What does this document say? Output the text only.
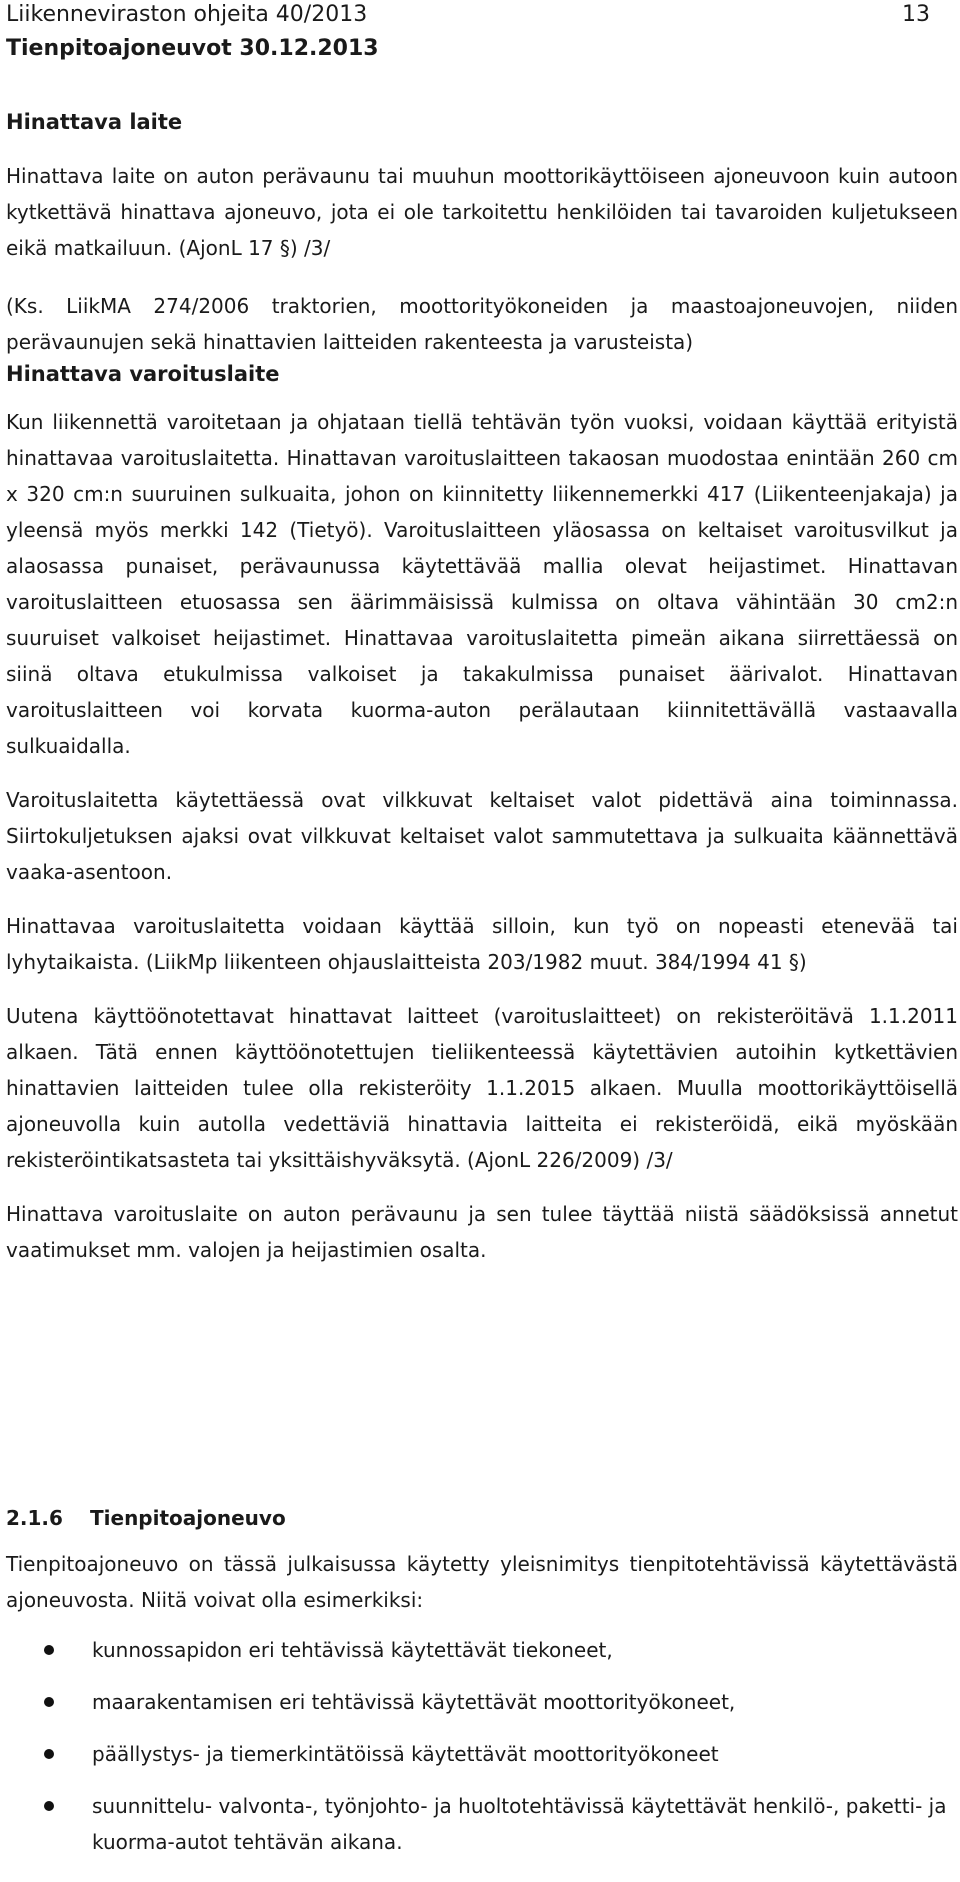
Liikenneviraston ohjeita 40/2013	13
Tienpitoajoneuvot 30.12.2013
Hinattava laite

Hinattava laite on auton perävaunu tai muuhun moottorikäyttöiseen ajoneuvoon kuin autoon kytkettävä hinattava ajoneuvo, jota ei ole tarkoitettu henkilöiden tai tavaroiden kuljetukseen eikä matkailuun. (AjonL 17 §) /3/

(Ks. LiikMA 274/2006 traktorien, moottorityökoneiden ja maastoajoneuvojen, niiden perävaunujen sekä hinattavien laitteiden rakenteesta ja varusteista)

Hinattava varoituslaite

Kun liikennettä varoitetaan ja ohjataan tiellä tehtävän työn vuoksi, voidaan käyttää erityistä hinattavaa varoituslaitetta. Hinattavan varoituslaitteen takaosan muodostaa enintään 260 cm x 320 cm:n suuruinen sulkuaita, johon on kiinnitetty liikennemerkki 417 (Liikenteenjakaja) ja yleensä myös merkki 142 (Tietyö). Varoituslaitteen yläosassa on keltaiset varoitusvilkut ja alaosassa punaiset, perävaunussa käytettävää mallia olevat heijastimet. Hinattavan varoituslaitteen etuosassa sen äärimmäisissä kulmissa on oltava vähintään 30 cm2:n suuruiset valkoiset heijastimet. Hinattavaa varoituslaitetta pimeän aikana siirrettäessä on siinä oltava etukulmissa valkoiset ja takakulmissa punaiset äärivalot. Hinattavan varoituslaitteen voi korvata kuorma-auton perälautaan kiinnitettävällä vastaavalla sulkuaidalla.

Varoituslaitetta käytettäessä ovat vilkkuvat keltaiset valot pidettävä aina toiminnassa. Siirtokuljetuksen ajaksi ovat vilkkuvat keltaiset valot sammutettava ja sulkuaita käännettävä vaaka-asentoon.

Hinattavaa varoituslaitetta voidaan käyttää silloin, kun työ on nopeasti etenevää tai lyhytaikaista. (LiikMp liikenteen ohjauslaitteista 203/1982 muut. 384/1994 41 §)

Uutena käyttöönotettavat hinattavat laitteet (varoituslaitteet) on rekisteröitävä 1.1.2011 alkaen. Tätä ennen käyttöönotettujen tieliikenteessä käytettävien autoihin kytkettävien hinattavien laitteiden tulee olla rekisteröity 1.1.2015 alkaen. Muulla moottorikäyttöisellä ajoneuvolla kuin autolla vedettäviä hinattavia laitteita ei rekisteröidä, eikä myöskään rekisteröintikatsasteta tai yksittäishyväksytä. (AjonL 226/2009) /3/

Hinattava varoituslaite on auton perävaunu ja sen tulee täyttää niistä säädöksissä annetut vaatimukset mm. valojen ja heijastimien osalta.

2.1.6 Tienpitoajoneuvo

Tienpitoajoneuvo on tässä julkaisussa käytetty yleisnimitys tienpitotehtävissä käytettävästä ajoneuvosta. Niitä voivat olla esimerkiksi:

kunnossapidon eri tehtävissä käytettävät tiekoneet,
maarakentamisen eri tehtävissä käytettävät moottorityökoneet,
päällystys- ja tiemerkintätöissä käytettävät moottorityökoneet
suunnittelu- valvonta-, työnjohto- ja huoltotehtävissä käytettävät henkilö-, paketti- ja kuorma-autot tehtävän aikana.
